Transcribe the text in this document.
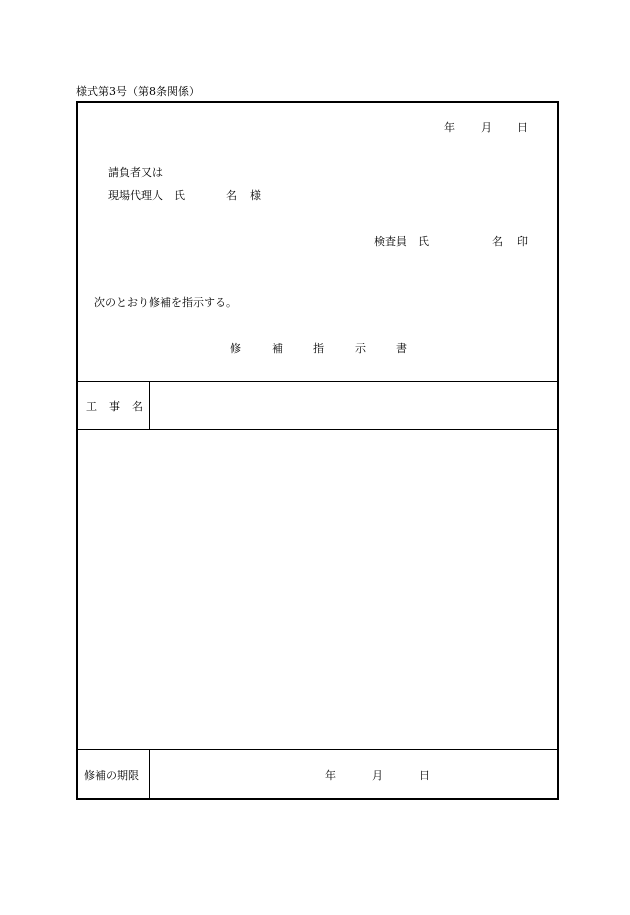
様式第3号（第8条関係）
年 月 日
請負者又は
現場代理人　氏	名 様
検査員　氏	名 印
次のとおり修補を指示する。
修	補	指	示	書
工 事 名
修補の期限	年	月	日
